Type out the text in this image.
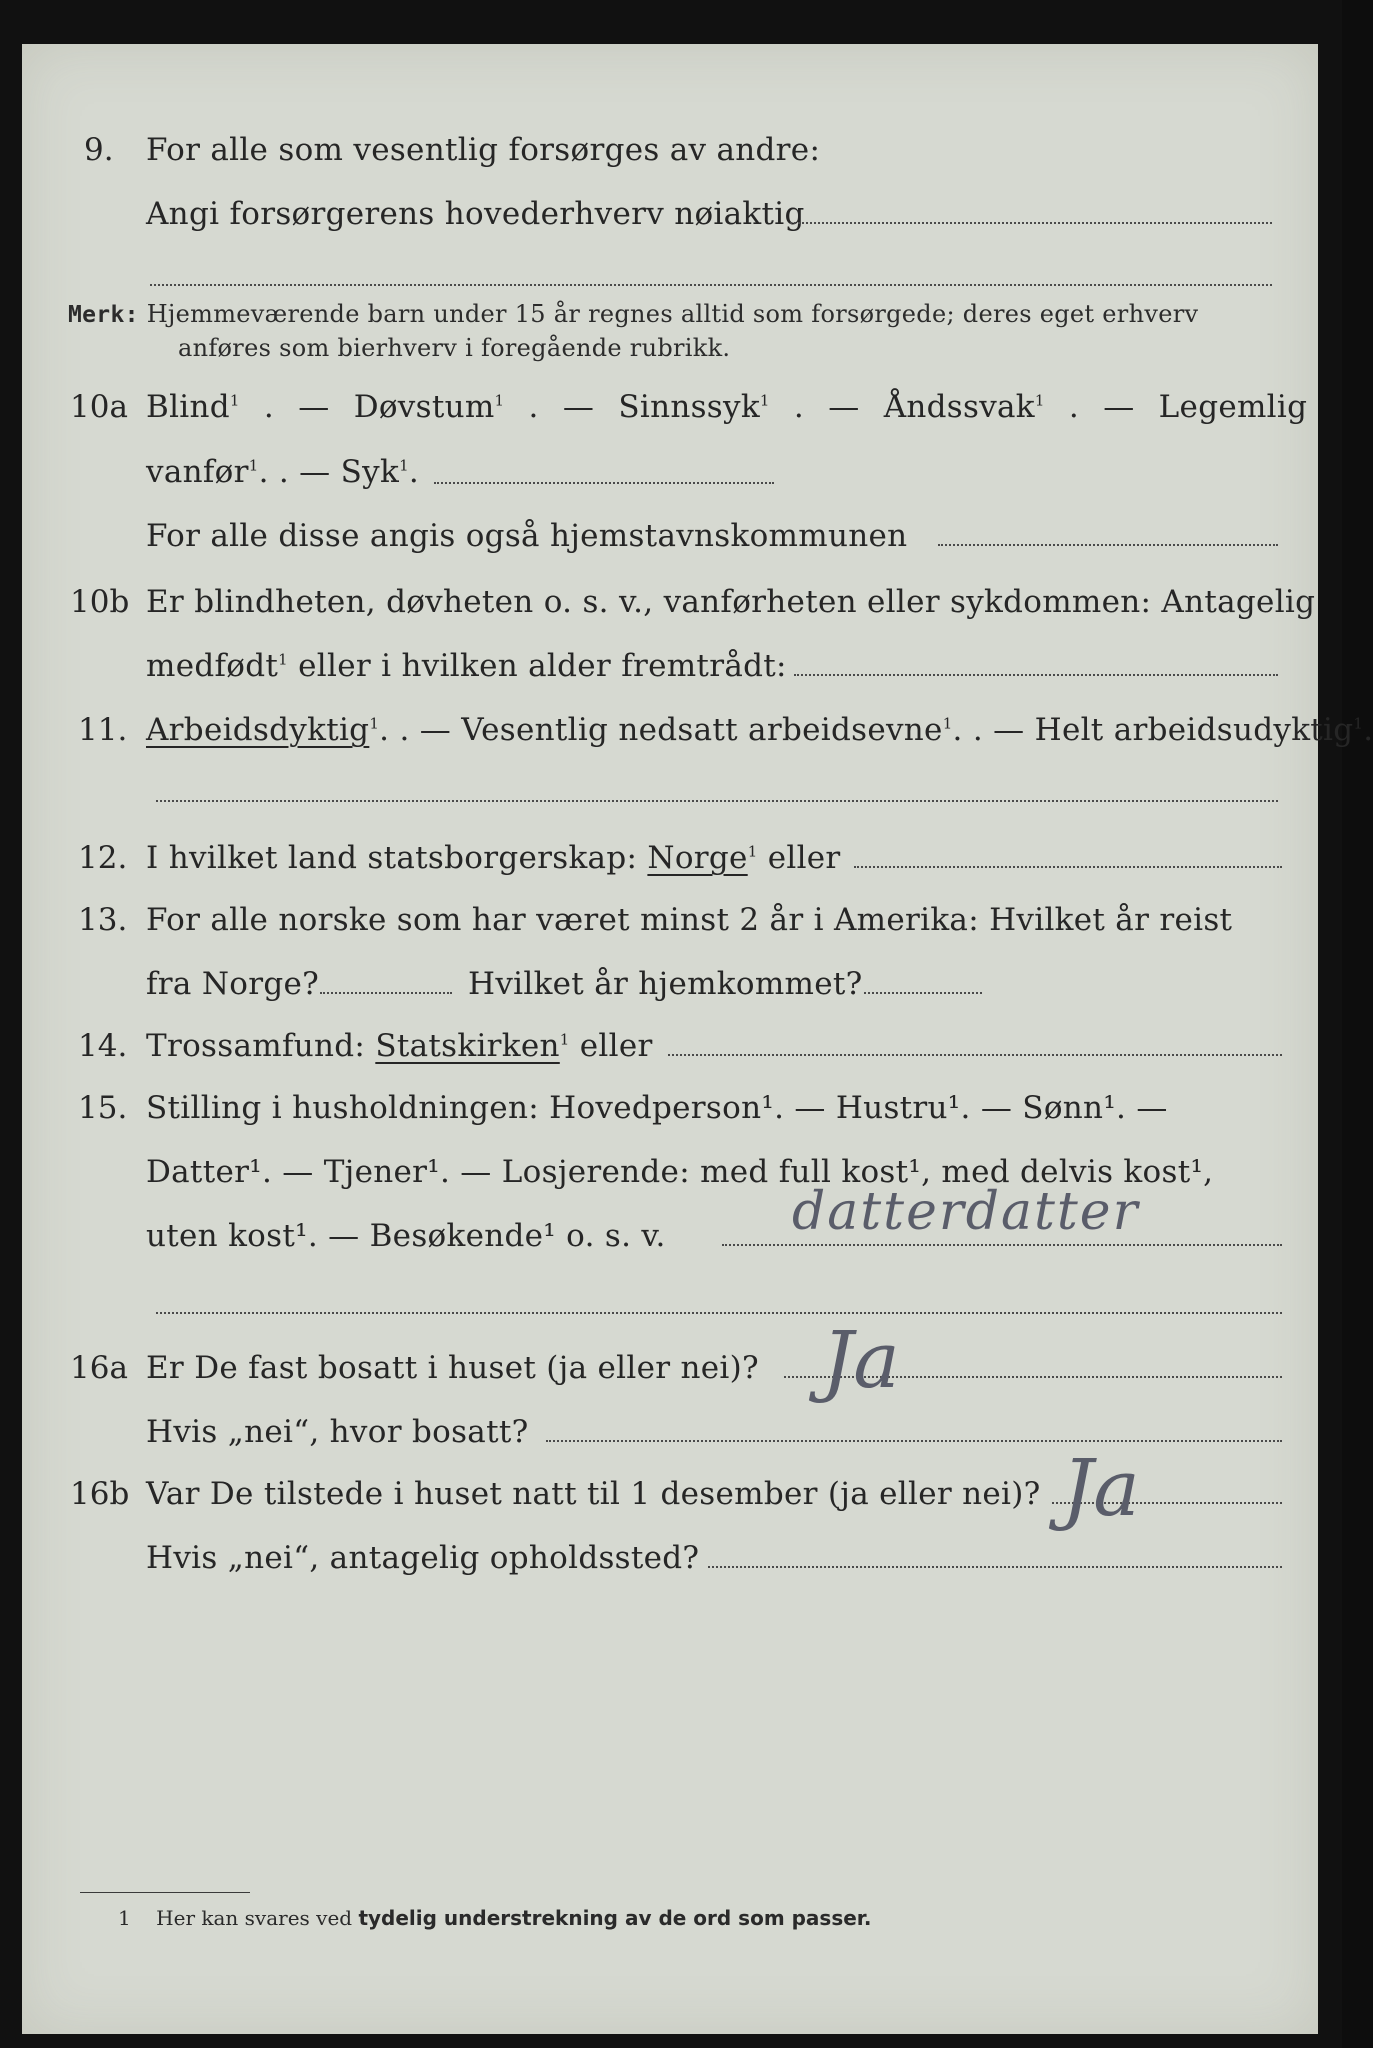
9. For alle som vesentlig forsørges av andre:
Angi forsørgerens hovederhverv nøiaktig
Merk: Hjemmeværende barn under 15 år regnes alltid som forsørgede; deres eget erhverv
anføres som bierhverv i foregående rubrikk.
10a Blind$^1$ . — Døvstum$^1$ . — Sinnssyk$^1$ . — Åndssvak$^1$ . — Legemlig
vanfør$^1$. . — Syk$^1$.
For alle disse angis også hjemstavnskommunen
10b Er blindheten, døvheten o. s. v., vanførheten eller sykdommen: Antagelig
medfødt$^1$ eller i hvilken alder fremtrådt:
11. Arbeidsdyktig$^1$. . — Vesentlig nedsatt arbeidsevne$^1$. . — Helt arbeidsudyktig$^1$.
12. I hvilket land statsborgerskap: Norge$^1$ eller
13. For alle norske som har været minst 2 år i Amerika: Hvilket år reist
fra Norge?	Hvilket år hjemkommet?
14. Trossamfund: Statskirken$^1$ eller
15. Stilling i husholdningen: Hovedperson¹. — Hustru¹. — Sønn¹. —
Datter¹. — Tjener¹. — Losjerende: med full kost¹, med delvis kost¹,
uten kost¹. — Besøkende¹ o. s. v. datterdatter
16a Er De fast bosatt i huset (ja eller nei)? Ja
Hvis „nei“, hvor bosatt?
16b Var De tilstede i huset natt til 1 desember (ja eller nei)? Ja
Hvis „nei“, antagelig opholdssted?
1 Her kan svares ved tydelig understrekning av de ord som passer.
